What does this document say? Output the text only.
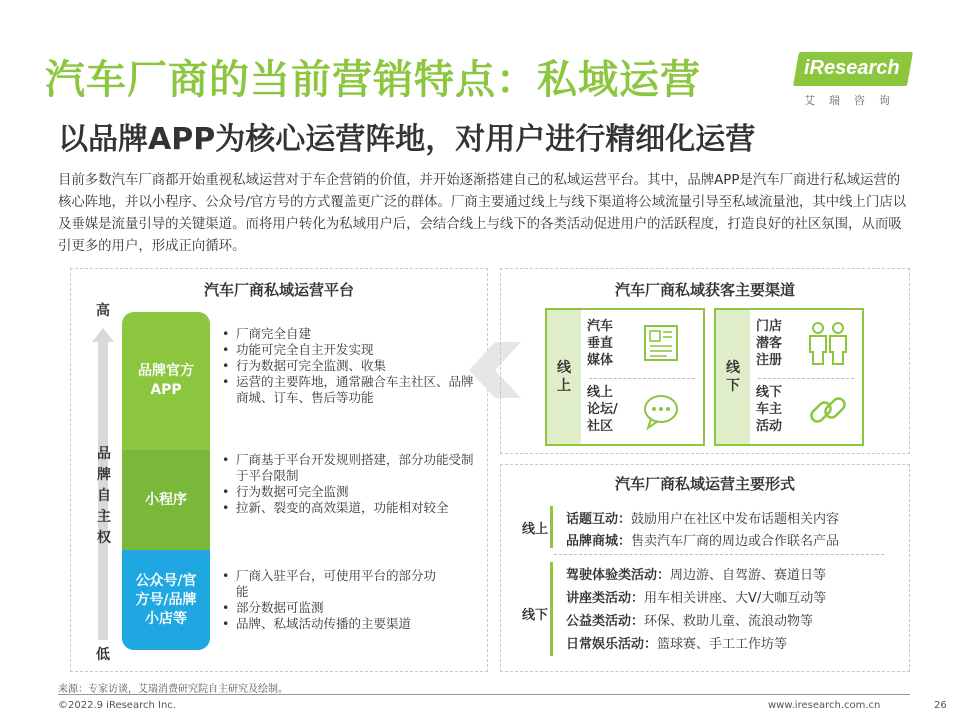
汽车厂商的当前营销特点：私域运营
以品牌APP为核心运营阵地，对用户进行精细化运营
iResearch
艾瑞咨询
目前多数汽车厂商都开始重视私域运营对于车企营销的价值，并开始逐渐搭建自己的私域运营平台。其中，品牌APP是汽车厂商进行私域运营的核心阵地，并以小程序、公众号/官方号的方式覆盖更广泛的群体。厂商主要通过线上与线下渠道将公域流量引导至私域流量池，其中线上门店以及垂媒是流量引导的关键渠道。而将用户转化为私域用户后，会结合线上与线下的各类活动促进用户的活跃程度，打造良好的社区氛围，从而吸引更多的用户，形成正向循环。
汽车厂商私域运营平台
高
品牌自主权
低
品牌官方APP
小程序
公众号/官方号/品牌小店等
• 厂商完全自建
• 功能可完全自主开发实现
• 行为数据可完全监测、收集
• 运营的主要阵地，通常融合车主社区、品牌商城、订车、售后等功能
• 厂商基于平台开发规则搭建，部分功能受制于平台限制
• 行为数据可完全监测
• 拉新、裂变的高效渠道，功能相对较全
• 厂商入驻平台，可使用平台的部分功能
• 部分数据可监测
• 品牌、私域活动传播的主要渠道
汽车厂商私域获客主要渠道
线上
汽车垂直媒体
线上论坛/社区
线下
门店潜客注册
线下车主活动
汽车厂商私域运营主要形式
线上
话题互动：鼓励用户在社区中发布话题相关内容
品牌商城：售卖汽车厂商的周边或合作联名产品
线下
驾驶体验类活动：周边游、自驾游、赛道日等
讲座类活动：用车相关讲座、大V/大咖互动等
公益类活动：环保、救助儿童、流浪动物等
日常娱乐活动：篮球赛、手工工作坊等
来源：专家访谈，艾瑞消费研究院自主研究及绘制。
©2022.9 iResearch Inc.	www.iresearch.com.cn	26
